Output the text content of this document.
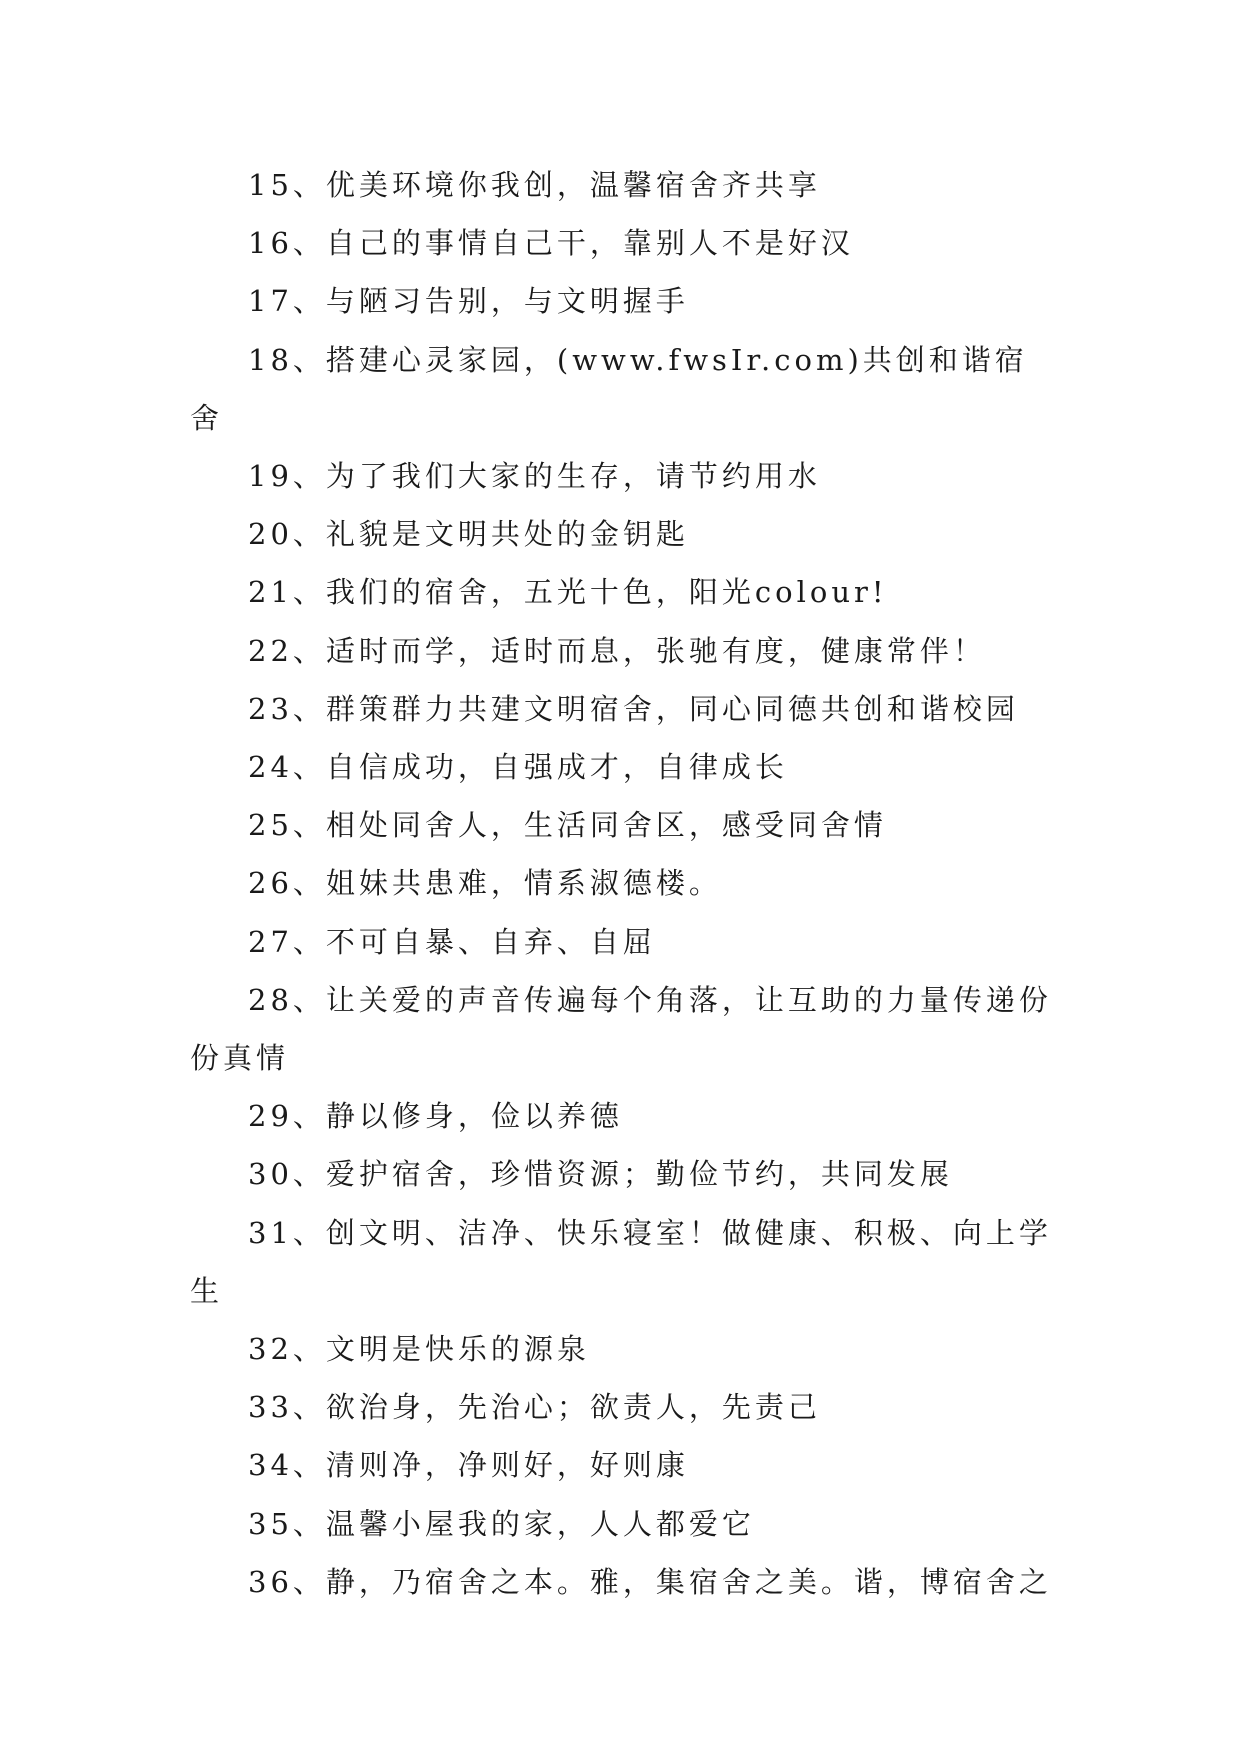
15、优美环境你我创，温馨宿舍齐共享

16、自己的事情自己干，靠别人不是好汉

17、与陋习告别，与文明握手

18、搭建心灵家园，(www.fwsIr.com)共创和谐宿舍

19、为了我们大家的生存，请节约用水

20、礼貌是文明共处的金钥匙

21、我们的宿舍，五光十色，阳光colour!

22、适时而学，适时而息，张驰有度，健康常伴！

23、群策群力共建文明宿舍，同心同德共创和谐校园

24、自信成功，自强成才，自律成长

25、相处同舍人，生活同舍区，感受同舍情

26、姐妹共患难，情系淑德楼。

27、不可自暴、自弃、自屈

28、让关爱的声音传遍每个角落，让互助的力量传递份份真情

29、静以修身，俭以养德

30、爱护宿舍，珍惜资源；勤俭节约，共同发展

31、创文明、洁净、快乐寝室！做健康、积极、向上学生

32、文明是快乐的源泉

33、欲治身，先治心；欲责人，先责己

34、清则净，净则好，好则康

35、温馨小屋我的家，人人都爱它

36、静，乃宿舍之本。雅，集宿舍之美。谐，博宿舍之
